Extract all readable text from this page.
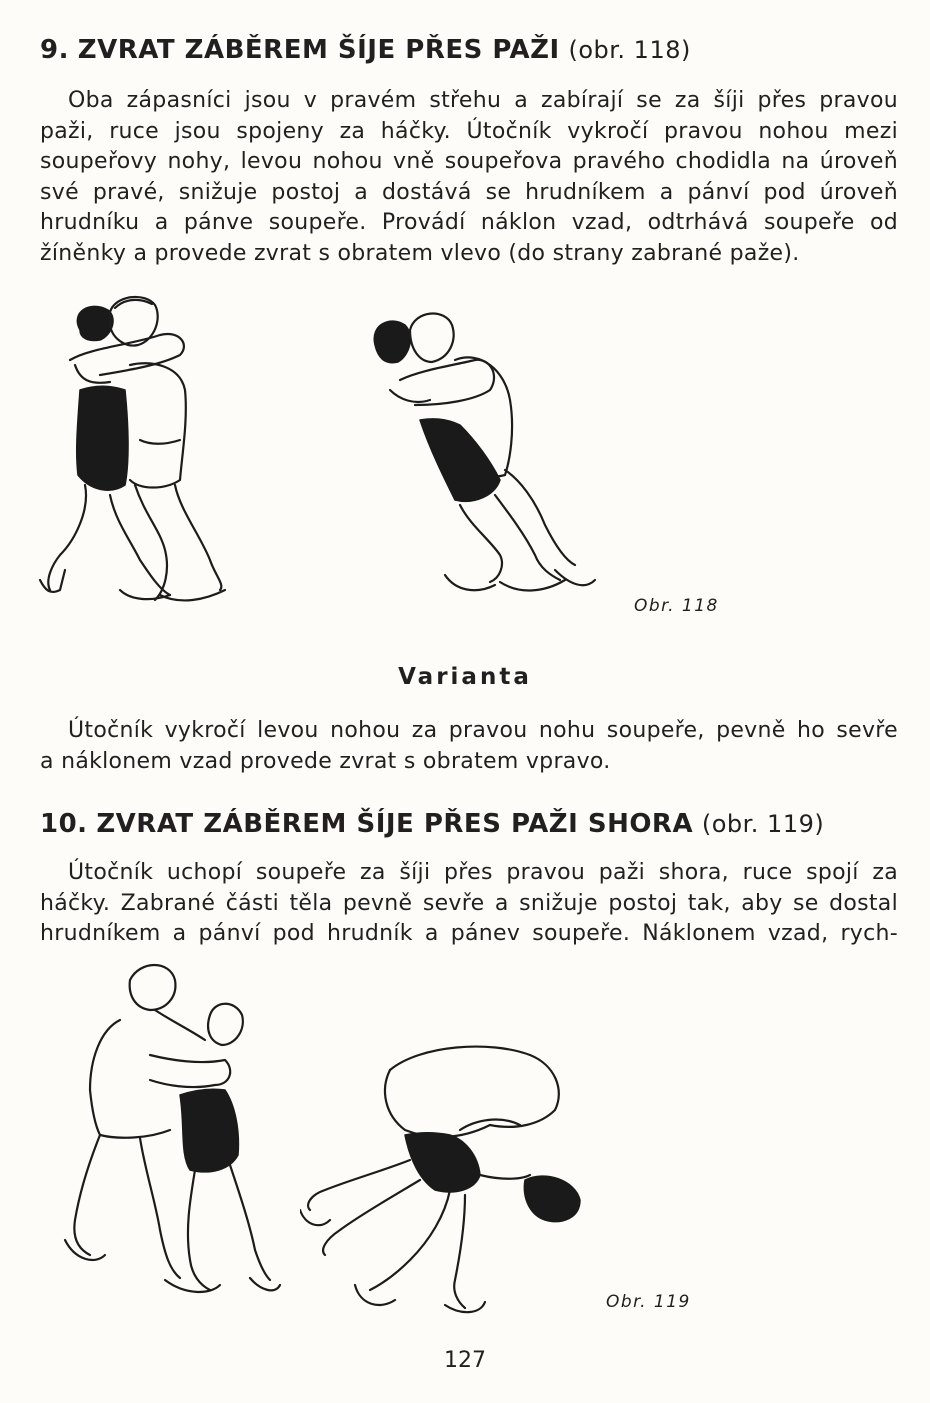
9. ZVRAT ZÁBĚREM ŠÍJE PŘES PAŽI (obr. 118)
Oba zápasníci jsou v pravém střehu a zabírají se za šíji přes pravou
paži, ruce jsou spojeny za háčky. Útočník vykročí pravou nohou mezi
soupeřovy nohy, levou nohou vně soupeřova pravého chodidla na úroveň
své pravé, snižuje postoj a dostává se hrudníkem a pánví pod úroveň
hrudníku a pánve soupeře. Provádí náklon vzad, odtrhává soupeře od
žíněnky a provede zvrat s obratem vlevo (do strany zabrané paže).
Obr. 118
Varianta
Útočník vykročí levou nohou za pravou nohu soupeře, pevně ho sevře
a náklonem vzad provede zvrat s obratem vpravo.
10. ZVRAT ZÁBĚREM ŠÍJE PŘES PAŽI SHORA (obr. 119)
Útočník uchopí soupeře za šíji přes pravou paži shora, ruce spojí za
háčky. Zabrané části těla pevně sevře a snižuje postoj tak, aby se dostal
hrudníkem a pánví pod hrudník a pánev soupeře. Náklonem vzad, rych-
Obr. 119
127
